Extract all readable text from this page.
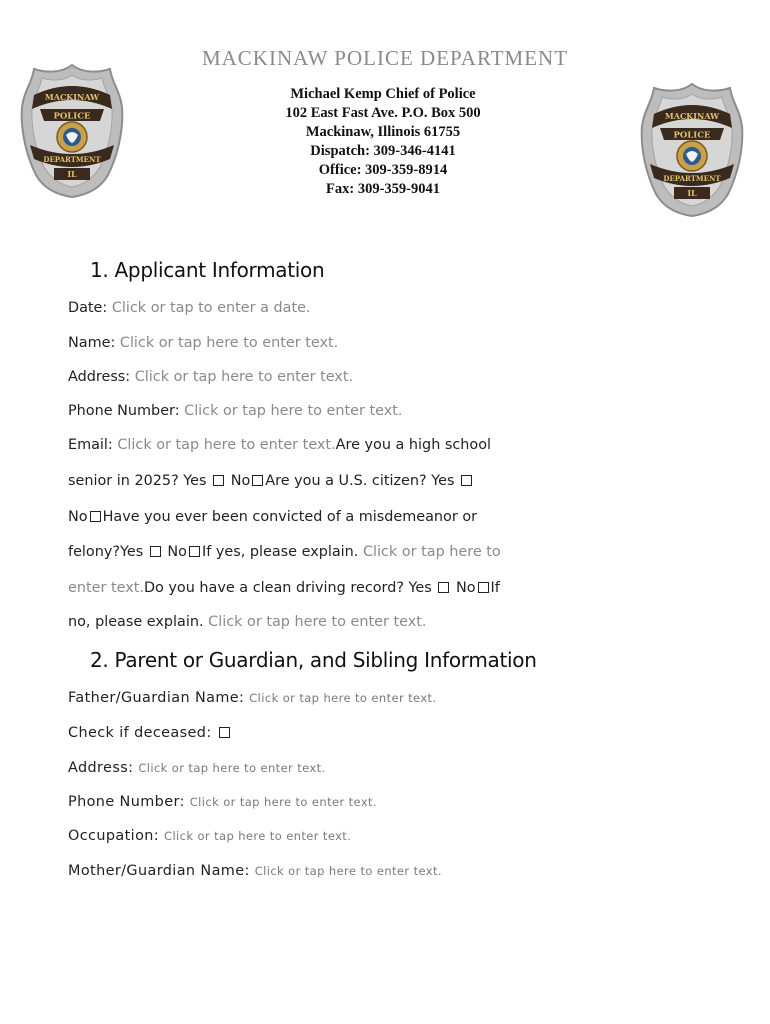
MACKINAW POLICE DEPARTMENT
Michael Kemp Chief of Police
102 East Fast Ave. P.O. Box 500
Mackinaw, Illinois 61755
Dispatch: 309-346-4141
Office: 309-359-8914
Fax: 309-359-9041
MACKINAW
POLICE
DEPARTMENT
IL
MACKINAW
POLICE
DEPARTMENT
IL
1. Applicant Information
Date: Click or tap to enter a date.
Name: Click or tap here to enter text.
Address: Click or tap here to enter text.
Phone Number: Click or tap here to enter text.
Email: Click or tap here to enter text.Are you a high school
senior in 2025? Yes No Are you a U.S. citizen? Yes
No Have you ever been convicted of a misdemeanor or
felony?Yes No If yes, please explain. Click or tap here to
enter text.Do you have a clean driving record? Yes No If
no, please explain. Click or tap here to enter text.
2. Parent or Guardian, and Sibling Information
Father/Guardian Name: Click or tap here to enter text.
Check if deceased:
Address: Click or tap here to enter text.
Phone Number: Click or tap here to enter text.
Occupation: Click or tap here to enter text.
Mother/Guardian Name: Click or tap here to enter text.
